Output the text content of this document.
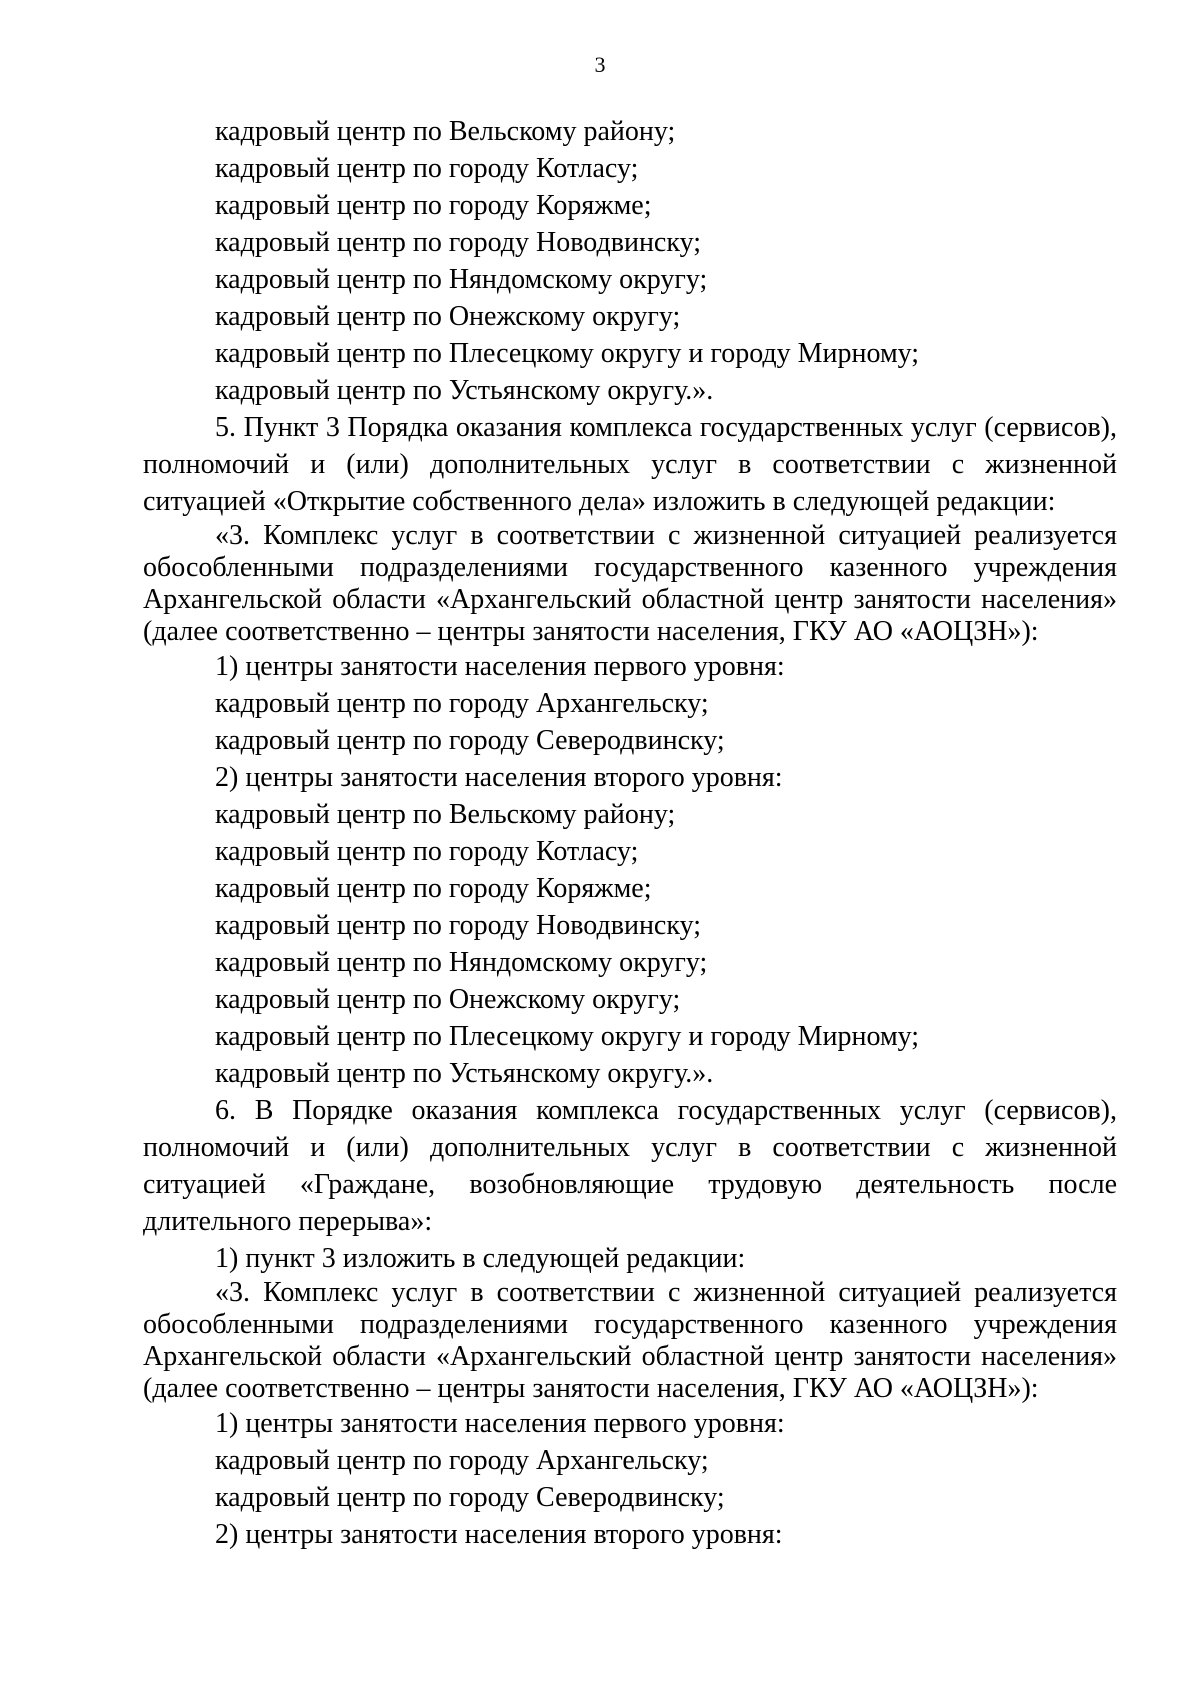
3
кадровый центр по Вельскому району;
кадровый центр по городу Котласу;
кадровый центр по городу Коряжме;
кадровый центр по городу Новодвинску;
кадровый центр по Няндомскому округу;
кадровый центр по Онежскому округу;
кадровый центр по Плесецкому округу и городу Мирному;
кадровый центр по Устьянскому округу.».
5. Пункт 3 Порядка оказания комплекса государственных услуг (сервисов),
полномочий и (или) дополнительных услуг в соответствии с жизненной
ситуацией «Открытие собственного дела» изложить в следующей редакции:
«3. Комплекс услуг в соответствии с жизненной ситуацией реализуется
обособленными подразделениями государственного казенного учреждения
Архангельской области «Архангельский областной центр занятости населения»
(далее соответственно – центры занятости населения, ГКУ АО «АОЦЗН»):
1) центры занятости населения первого уровня:
кадровый центр по городу Архангельску;
кадровый центр по городу Северодвинску;
2) центры занятости населения второго уровня:
кадровый центр по Вельскому району;
кадровый центр по городу Котласу;
кадровый центр по городу Коряжме;
кадровый центр по городу Новодвинску;
кадровый центр по Няндомскому округу;
кадровый центр по Онежскому округу;
кадровый центр по Плесецкому округу и городу Мирному;
кадровый центр по Устьянскому округу.».
6. В Порядке оказания комплекса государственных услуг (сервисов),
полномочий и (или) дополнительных услуг в соответствии с жизненной
ситуацией «Граждане, возобновляющие трудовую деятельность после
длительного перерыва»:
1) пункт 3 изложить в следующей редакции:
«3. Комплекс услуг в соответствии с жизненной ситуацией реализуется
обособленными подразделениями государственного казенного учреждения
Архангельской области «Архангельский областной центр занятости населения»
(далее соответственно – центры занятости населения, ГКУ АО «АОЦЗН»):
1) центры занятости населения первого уровня:
кадровый центр по городу Архангельску;
кадровый центр по городу Северодвинску;
2) центры занятости населения второго уровня:
